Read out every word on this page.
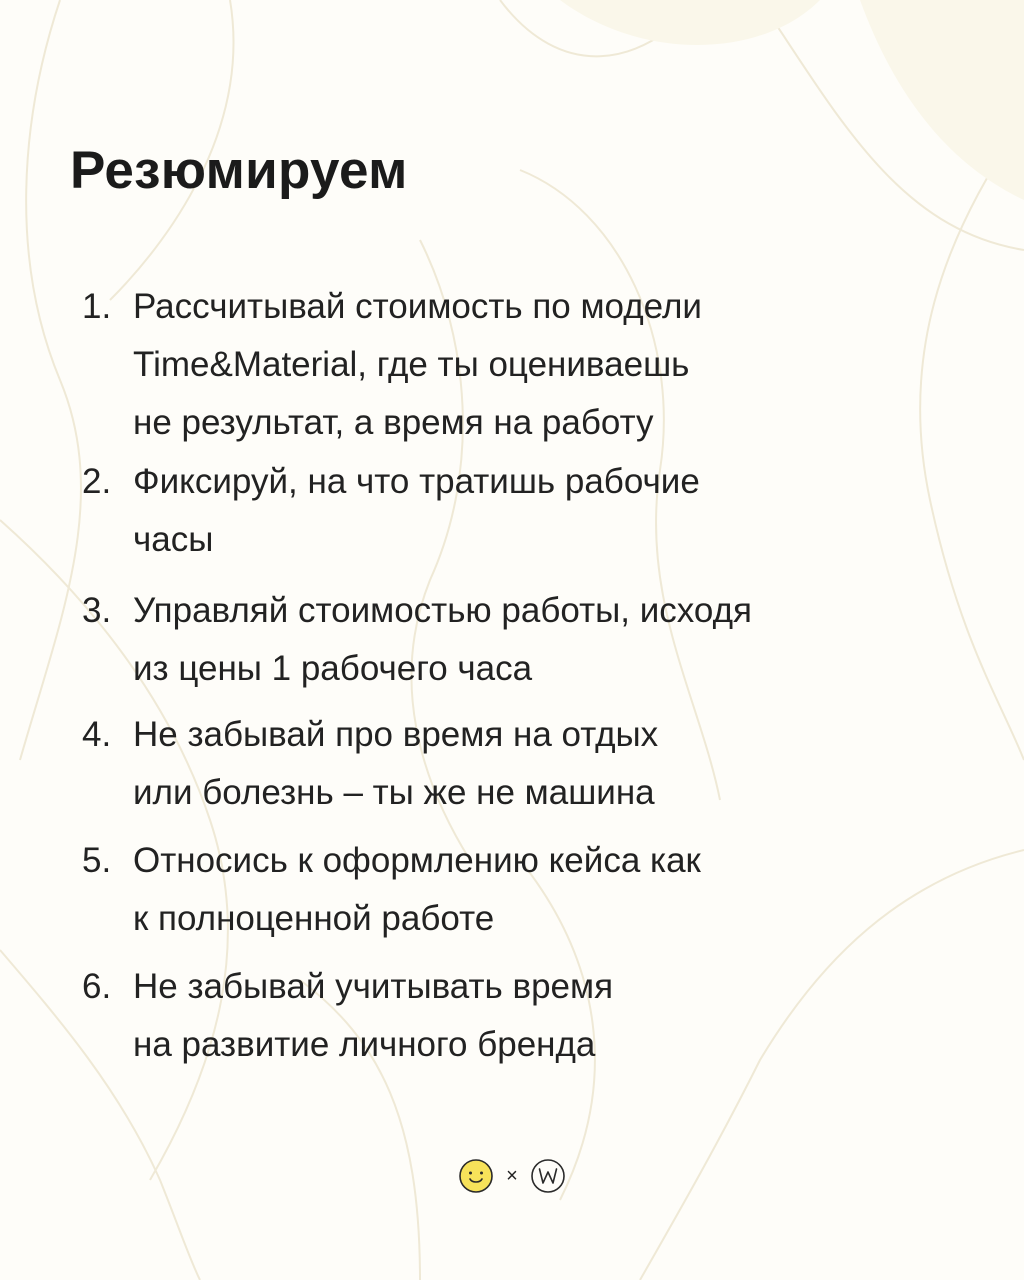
Резюмируем
1. Рассчитывай стоимость по модели
Time&Material, где ты оцениваешь
не результат, а время на работу
2. Фиксируй, на что тратишь рабочие
часы
3. Управляй стоимостью работы, исходя
из цены 1 рабочего часа
4. Не забывай про время на отдых
или болезнь – ты же не машина
5. Относись к оформлению кейса как
к полноценной работе
6. Не забывай учитывать время
на развитие личного бренда
×
